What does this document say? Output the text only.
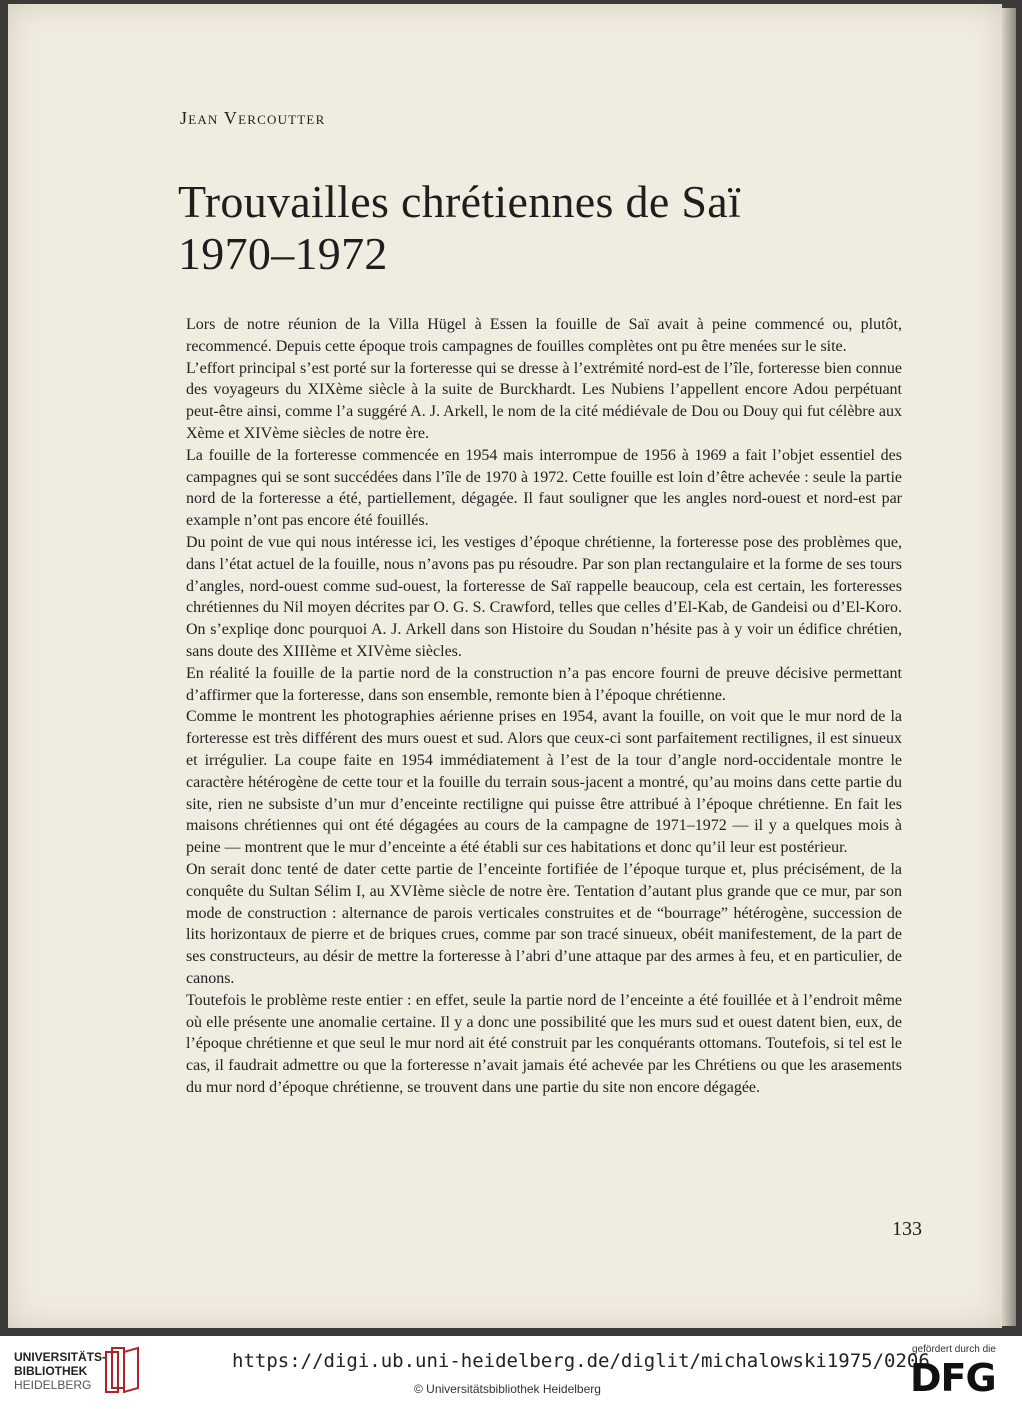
Jean Vercoutter
Trouvailles chrétiennes de Saï
1970–1972

Lors de notre réunion de la Villa Hügel à Essen la fouille de Saï avait à peine commencé ou, plutôt, recommencé. Depuis cette époque trois campagnes de fouilles complètes ont pu être menées sur le site.

L’effort principal s’est porté sur la forteresse qui se dresse à l’extrémité nord-est de l’île, forteresse bien connue des voyageurs du XIXème siècle à la suite de Burckhardt. Les Nubiens l’appellent encore Adou perpétuant peut-être ainsi, comme l’a suggéré A. J. Arkell, le nom de la cité médiévale de Dou ou Douy qui fut célèbre aux Xème et XIVème siècles de notre ère.

La fouille de la forteresse commencée en 1954 mais interrompue de 1956 à 1969 a fait l’objet essentiel des campagnes qui se sont succédées dans l’île de 1970 à 1972. Cette fouille est loin d’être achevée : seule la partie nord de la forteresse a été, partiellement, dégagée. Il faut souligner que les angles nord-ouest et nord-est par example n’ont pas encore été fouillés.

Du point de vue qui nous intéresse ici, les vestiges d’époque chrétienne, la forteresse pose des problèmes que, dans l’état actuel de la fouille, nous n’avons pas pu résoudre. Par son plan rectangulaire et la forme de ses tours d’angles, nord-ouest comme sud-ouest, la forteresse de Saï rappelle beaucoup, cela est certain, les forteresses chrétiennes du Nil moyen décrites par O. G. S. Crawford, telles que celles d’El-Kab, de Gandeisi ou d’El-Koro. On s’expliqe donc pourquoi A. J. Arkell dans son Histoire du Soudan n’hésite pas à y voir un édifice chrétien, sans doute des XIIIème et XIVème siècles.

En réalité la fouille de la partie nord de la construction n’a pas encore fourni de preuve décisive permettant d’affirmer que la forteresse, dans son ensemble, remonte bien à l’époque chrétienne.

Comme le montrent les photographies aérienne prises en 1954, avant la fouille, on voit que le mur nord de la forteresse est très différent des murs ouest et sud. Alors que ceux-ci sont parfaitement rectilignes, il est sinueux et irrégulier. La coupe faite en 1954 immédiatement à l’est de la tour d’angle nord-occidentale montre le caractère hétérogène de cette tour et la fouille du terrain sous-jacent a montré, qu’au moins dans cette partie du site, rien ne subsiste d’un mur d’enceinte rectiligne qui puisse être attribué à l’époque chrétienne. En fait les maisons chrétiennes qui ont été dégagées au cours de la campagne de 1971–1972 — il y a quelques mois à peine — montrent que le mur d’enceinte a été établi sur ces habitations et donc qu’il leur est postérieur.

On serait donc tenté de dater cette partie de l’enceinte fortifiée de l’époque turque et, plus précisément, de la conquête du Sultan Sélim I, au XVIème siècle de notre ère. Tentation d’autant plus grande que ce mur, par son mode de construction : alternance de parois verticales construites et de “bourrage” hétérogène, succession de lits horizontaux de pierre et de briques crues, comme par son tracé sinueux, obéit manifestement, de la part de ses constructeurs, au désir de mettre la forteresse à l’abri d’une attaque par des armes à feu, et en particulier, de canons.

Toutefois le problème reste entier : en effet, seule la partie nord de l’enceinte a été fouillée et à l’endroit même où elle présente une anomalie certaine. Il y a donc une possibilité que les murs sud et ouest datent bien, eux, de l’époque chrétienne et que seul le mur nord ait été construit par les conquérants ottomans. Toutefois, si tel est le cas, il faudrait admettre ou que la forteresse n’avait jamais été achevée par les Chrétiens ou que les arasements du mur nord d’époque chrétienne, se trouvent dans une partie du site non encore dégagée.

133
UNIVERSITÄTS-
BIBLIOTHEK
HEIDELBERG
https://digi.ub.uni-heidelberg.de/diglit/michalowski1975/0206
© Universitätsbibliothek Heidelberg
gefördert durch die
DFG
